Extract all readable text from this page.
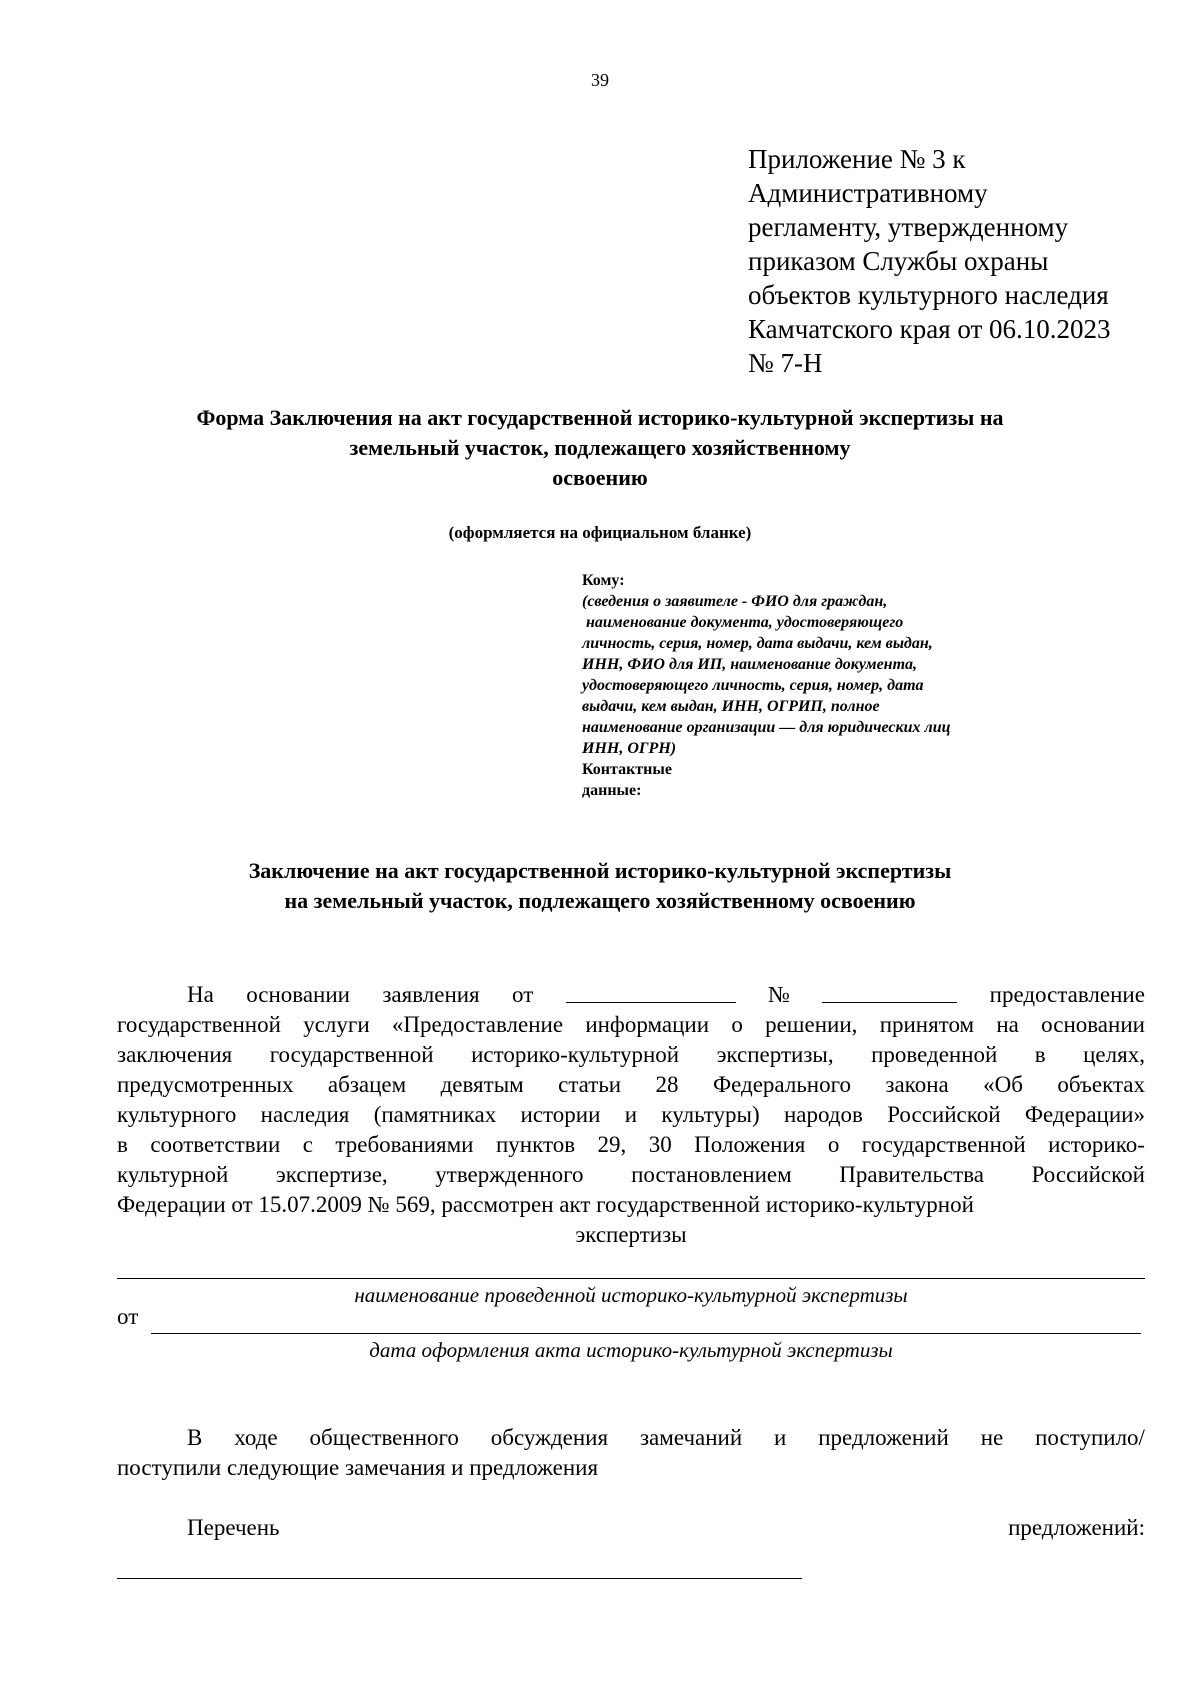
39
Приложение № 3 к
Административному
регламенту, утвержденному
приказом Службы охраны
объектов культурного наследия
Камчатского края от 06.10.2023
№ 7-Н
Форма Заключения на акт государственной историко-культурной экспертизы на
земельный участок, подлежащего хозяйственному
освоению
(оформляется на официальном бланке)
Кому:
(сведения о заявителе - ФИО для граждан,
наименование документа, удостоверяющего
личность, серия, номер, дата выдачи, кем выдан,
ИНН, ФИО для ИП, наименование документа,
удостоверяющего личность, серия, номер, дата
выдачи, кем выдан, ИНН, ОГРИП, полное
наименование организации — для юридических лиц
ИНН, ОГРН)
Контактные
данные:
Заключение на акт государственной историко-культурной экспертизы
на земельный участок, подлежащего хозяйственному освоению
На основании заявления от	№	предоставление
государственной услуги «Предоставление информации о решении, принятом на основании
заключения государственной историко-культурной экспертизы, проведенной в целях,
предусмотренных абзацем девятым статьи 28 Федерального закона «Об объектах
культурного наследия (памятниках истории и культуры) народов Российской Федерации»
в соответствии с требованиями пунктов 29, 30 Положения о государственной историко-
культурной экспертизе, утвержденного постановлением Правительства Российской
Федерации от 15.07.2009 № 569, рассмотрен акт государственной историко-культурной
экспертизы
наименование проведенной историко-культурной экспертизы
от
дата оформления акта историко-культурной экспертизы
В ходе общественного обсуждения замечаний и предложений не поступило/
поступили следующие замечания и предложения
Перечень	предложений:
